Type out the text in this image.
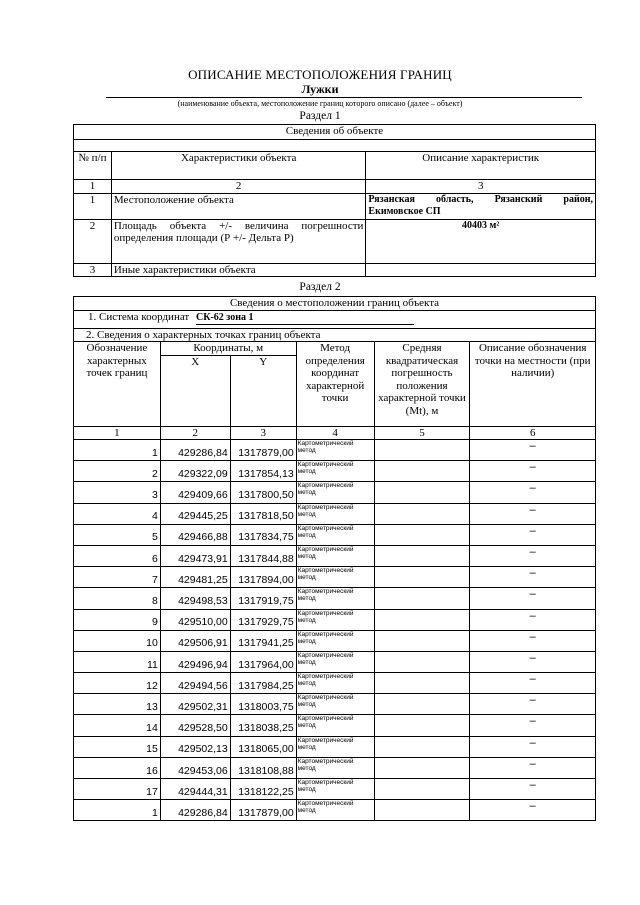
ОПИСАНИЕ МЕСТОПОЛОЖЕНИЯ ГРАНИЦ
Лужки
(наименование объекта, местоположение границ которого описано (далее – объект)
Раздел 1
Сведения об объекте		

№ п/п	Характеристики объекта	Описание характеристик
1	2	3
1	Местоположение объекта	Рязанская область, Рязанский район, Екимовское СП
2	Площадь объекта +/- величина погрешности определения площади (Р +/- Дельта Р)	40403 м²
3	Иные характеристики объекта	
Раздел 2
Сведения о местоположении границ объекта					
1. Система координат СК-62 зона 1					
2. Сведения о характерных точках границ объекта					
Обозначение характерных точек границ	Координаты, м		Метод определения координат характерной точки	Средняя квадратическая погрешность положения характерной точки (Mt), м	Описание обозначения точки на местности (при наличии)
	X	Y			
1	2	3	4	5	6
1	429286,84	1317879,00	Картометрический метод		–
2	429322,09	1317854,13	Картометрический метод		–
3	429409,66	1317800,50	Картометрический метод		–
4	429445,25	1317818,50	Картометрический метод		–
5	429466,88	1317834,75	Картометрический метод		–
6	429473,91	1317844,88	Картометрический метод		–
7	429481,25	1317894,00	Картометрический метод		–
8	429498,53	1317919,75	Картометрический метод		–
9	429510,00	1317929,75	Картометрический метод		–
10	429506,91	1317941,25	Картометрический метод		–
11	429496,94	1317964,00	Картометрический метод		–
12	429494,56	1317984,25	Картометрический метод		–
13	429502,31	1318003,75	Картометрический метод		–
14	429528,50	1318038,25	Картометрический метод		–
15	429502,13	1318065,00	Картометрический метод		–
16	429453,06	1318108,88	Картометрический метод		–
17	429444,31	1318122,25	Картометрический метод		–
1	429286,84	1317879,00	Картометрический метод		–
